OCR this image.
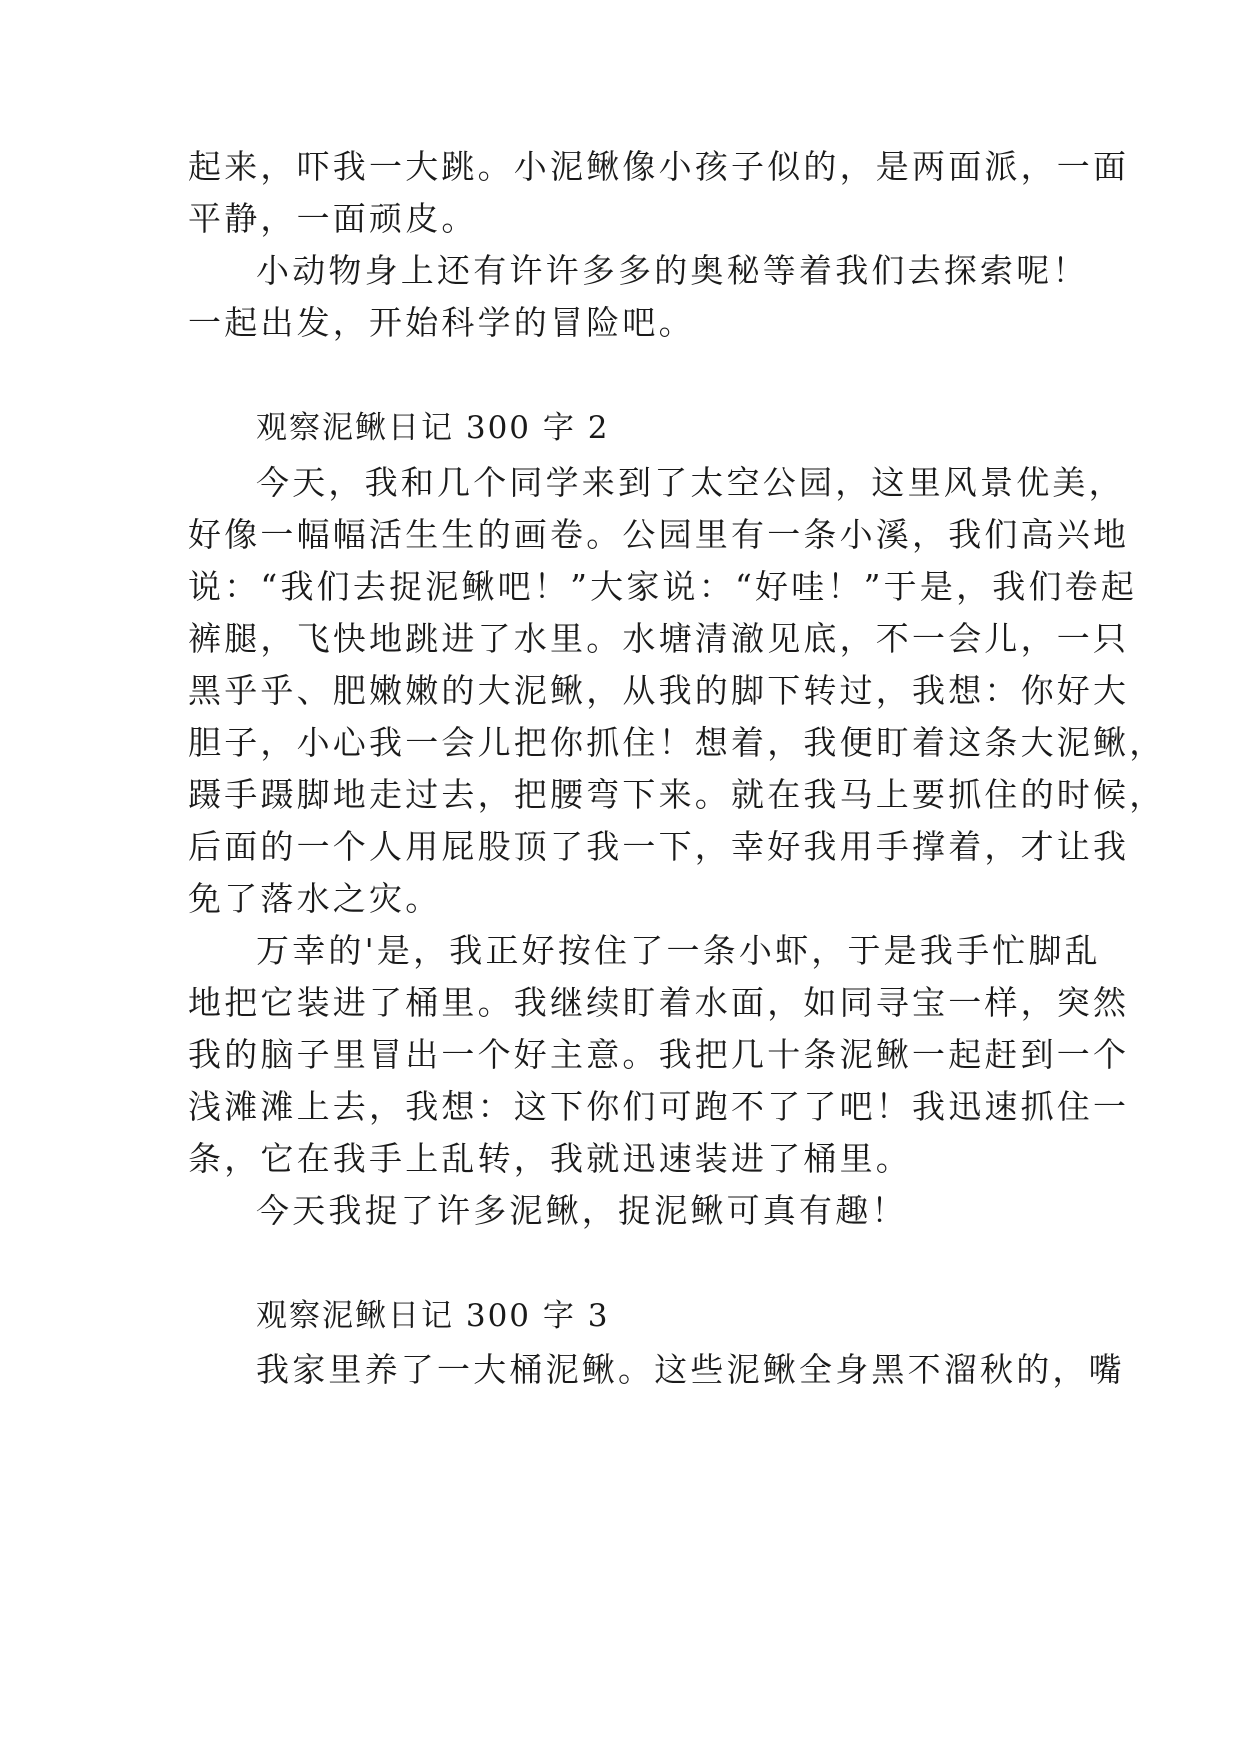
起来，吓我一大跳。小泥鳅像小孩子似的，是两面派，一面
平静，一面顽皮。
小动物身上还有许许多多的奥秘等着我们去探索呢！
一起出发，开始科学的冒险吧。
观察泥鳅日记 300 字 2
今天，我和几个同学来到了太空公园，这里风景优美，
好像一幅幅活生生的画卷。公园里有一条小溪，我们高兴地
说：“我们去捉泥鳅吧！”大家说：“好哇！”于是，我们卷起
裤腿，飞快地跳进了水里。水塘清澈见底，不一会儿，一只
黑乎乎、肥嫩嫩的大泥鳅，从我的脚下转过，我想：你好大
胆子，小心我一会儿把你抓住！想着，我便盯着这条大泥鳅，
蹑手蹑脚地走过去，把腰弯下来。就在我马上要抓住的时候，
后面的一个人用屁股顶了我一下，幸好我用手撑着，才让我
免了落水之灾。
万幸的'是，我正好按住了一条小虾，于是我手忙脚乱
地把它装进了桶里。我继续盯着水面，如同寻宝一样，突然
我的脑子里冒出一个好主意。我把几十条泥鳅一起赶到一个
浅滩滩上去，我想：这下你们可跑不了了吧！我迅速抓住一
条，它在我手上乱转，我就迅速装进了桶里。
今天我捉了许多泥鳅，捉泥鳅可真有趣！
观察泥鳅日记 300 字 3
我家里养了一大桶泥鳅。这些泥鳅全身黑不溜秋的，嘴
